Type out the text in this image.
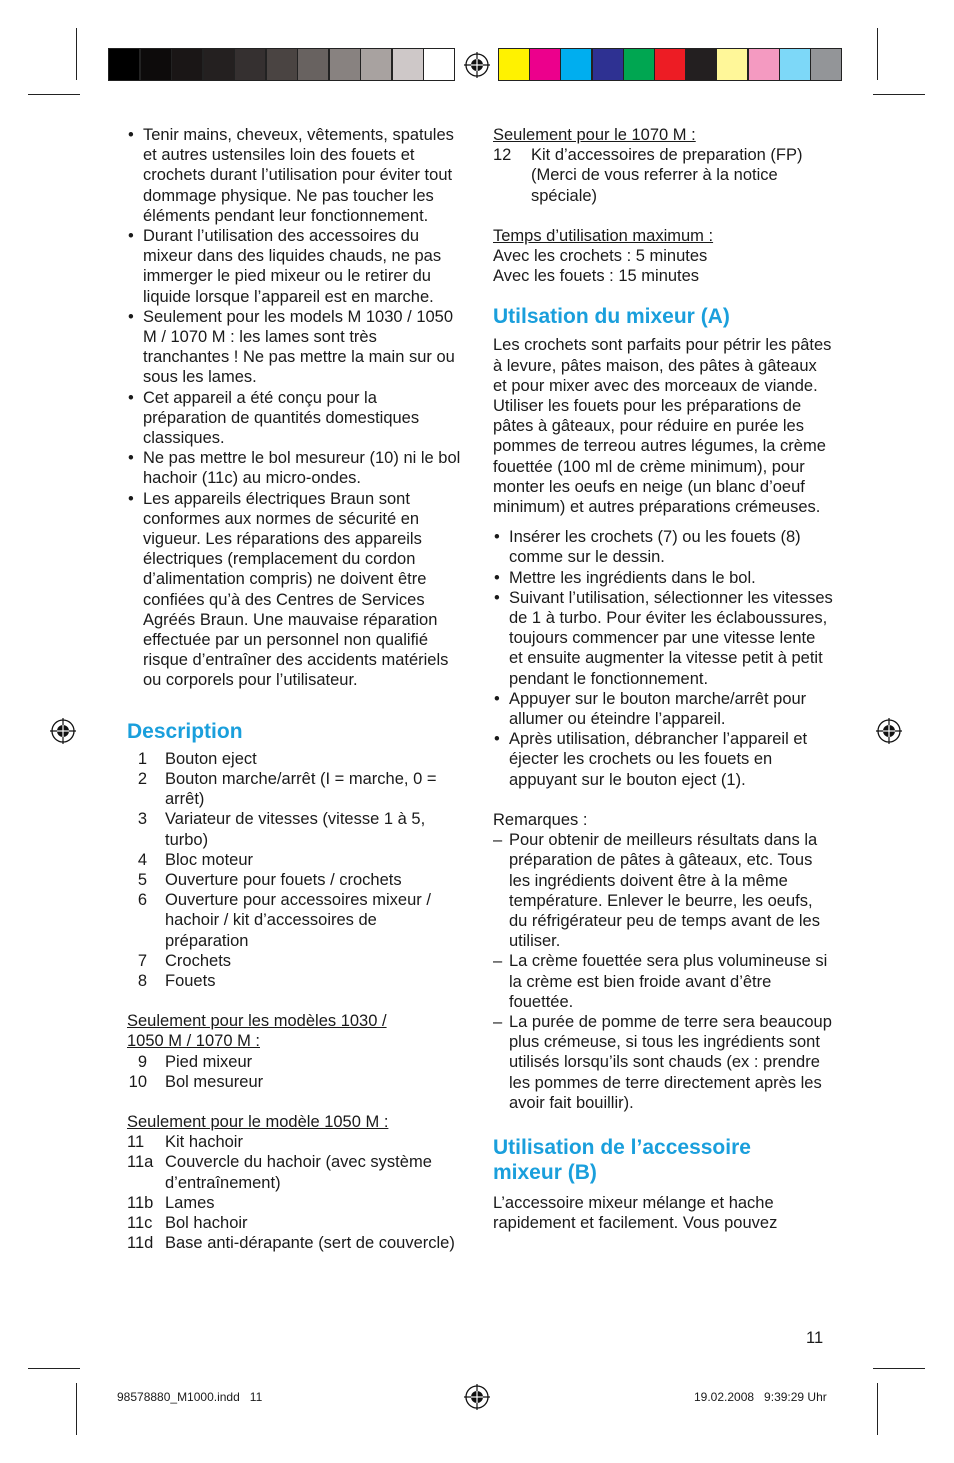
• Tenir mains, cheveux, vêtements, spatules et autres ustensiles loin des fouets et crochets durant l’utilisation pour éviter tout dommage physique. Ne pas toucher les éléments pendant leur fonctionnement.
• Durant l’utilisation des accessoires du mixeur dans des liquides chauds, ne pas immerger le pied mixeur ou le retirer du liquide lorsque l’appareil est en marche.
• Seulement pour les models M 1030 / 1050 M / 1070 M : les lames sont très tranchantes ! Ne pas mettre la main sur ou sous les lames.
• Cet appareil a été conçu pour la préparation de quantités domestiques classiques.
• Ne pas mettre le bol mesureur (10) ni le bol hachoir (11c) au micro-ondes.
• Les appareils électriques Braun sont conformes aux normes de sécurité en vigueur. Les réparations des appareils électriques (remplacement du cordon d’alimentation compris) ne doivent être confiées qu’à des Centres de Services Agréés Braun. Une mauvaise réparation effectuée par un personnel non qualifié risque d’entraîner des accidents matériels ou corporels pour l’utilisateur.
Description
1 Bouton eject
2 Bouton marche/arrêt (I = marche, 0 = arrêt)
3 Variateur de vitesses (vitesse 1 à 5, turbo)
4 Bloc moteur
5 Ouverture pour fouets / crochets
6 Ouverture pour accessoires mixeur / hachoir / kit d’accessoires de préparation
7 Crochets
8 Fouets

Seulement pour les modèles 1030 / 1050 M / 1070 M :

9 Pied mixeur
10 Bol mesureur

Seulement pour le modèle 1050 M :

11	Kit hachoir
11a Couvercle du hachoir (avec système d’entraînement)
11b Lames
11c Bol hachoir
11d Base anti-dérapante (sert de couvercle)

Seulement pour le 1070 M :

12	Kit d’accessoires de preparation (FP) (Merci de vous referrer à la notice spéciale)

Temps d’utilisation maximum :

Avec les crochets : 5 minutes

Avec les fouets : 15 minutes

Utilsation du mixeur (A)

Les crochets sont parfaits pour pétrir les pâtes à levure, pâtes maison, des pâtes à gâteaux et pour mixer avec des morceaux de viande. Utiliser les fouets pour les préparations de pâtes à gâteaux, pour réduire en purée les pommes de terreou autres légumes, la crème fouettée (100 ml de crème minimum), pour monter les oeufs en neige (un blanc d’oeuf minimum) et autres préparations crémeuses.

• Insérer les crochets (7) ou les fouets (8) comme sur le dessin.
• Mettre les ingrédients dans le bol.
• Suivant l’utilisation, sélectionner les vitesses de 1 à turbo. Pour éviter les éclaboussures, toujours commencer par une vitesse lente et ensuite augmenter la vitesse petit à petit pendant le fonctionnement.
• Appuyer sur le bouton marche/arrêt pour allumer ou éteindre l’appareil.
• Après utilisation, débrancher l’appareil et éjecter les crochets ou les fouets en appuyant sur le bouton eject (1).

Remarques :

– Pour obtenir de meilleurs résultats dans la préparation de pâtes à gâteaux, etc. Tous les ingrédients doivent être à la même température. Enlever le beurre, les oeufs, du réfrigérateur peu de temps avant de les utiliser.
– La crème fouettée sera plus volumineuse si la crème est bien froide avant d’être fouettée.
– La purée de pomme de terre sera beaucoup plus crémeuse, si tous les ingrédients sont utilisés lorsqu’ils sont chauds (ex : prendre les pommes de terre directement après les avoir fait bouillir).
Utilisation de l’accessoire mixeur (B)

L’accessoire mixeur mélange et hache rapidement et facilement. Vous pouvez

11
98578880_M1000.indd   11	19.02.2008   9:39:29 Uhr
